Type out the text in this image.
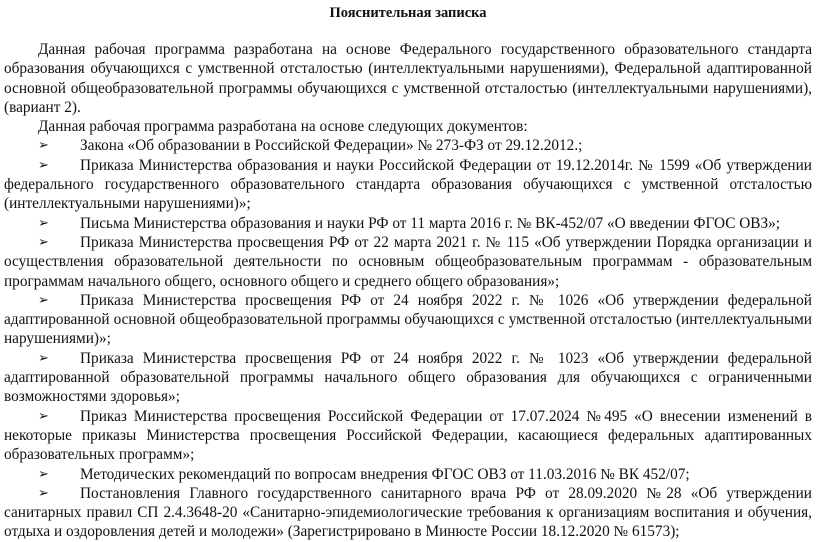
Пояснительная записка

Данная рабочая программа разработана на основе Федерального государственного образовательного стандарта образования обучающихся с умственной отсталостью (интеллектуальными нарушениями), Федеральной адаптированной основной общеобразовательной программы обучающихся с умственной отсталостью (интеллектуальными нарушениями), (вариант 2).

Данная рабочая программа разработана на основе следующих документов:

➢ Закона «Об образовании в Российской Федерации» № 273-ФЗ от 29.12.2012.;
➢ Приказа Министерства образования и науки Российской Федерации от 19.12.2014г. № 1599 «Об утверждении федерального государственного образовательного стандарта образования обучающихся с умственной отсталостью (интеллектуальными нарушениями)»;
➢ Письма Министерства образования и науки РФ от 11 марта 2016 г. № ВК-452/07 «О введении ФГОС ОВЗ»;
➢ Приказа Министерства просвещения РФ от 22 марта 2021 г. № 115 «Об утверждении Порядка организации и осуществления образовательной деятельности по основным общеобразовательным программам - образовательным программам начального общего, основного общего и среднего общего образования»;
➢ Приказа Министерства просвещения РФ от 24 ноября 2022 г. № 1026 «Об утверждении федеральной адаптированной основной общеобразовательной программы обучающихся с умственной отсталостью (интеллектуальными нарушениями)»;
➢ Приказа Министерства просвещения РФ от 24 ноября 2022 г. № 1023 «Об утверждении федеральной адаптированной образовательной программы начального общего образования для обучающихся с ограниченными возможностями здоровья»;
➢ Приказ Министерства просвещения Российской Федерации от 17.07.2024 №495 «О внесении изменений в некоторые приказы Министерства просвещения Российской Федерации, касающиеся федеральных адаптированных образовательных программ»;
➢ Методических рекомендаций по вопросам внедрения ФГОС ОВЗ от 11.03.2016 № ВК 452/07;
➢ Постановления Главного государственного санитарного врача РФ от 28.09.2020 №28 «Об утверждении санитарных правил СП 2.4.3648-20 «Санитарно-эпидемиологические требования к организациям воспитания и обучения, отдыха и оздоровления детей и молодежи» (Зарегистрировано в Минюсте России 18.12.2020 № 61573);
